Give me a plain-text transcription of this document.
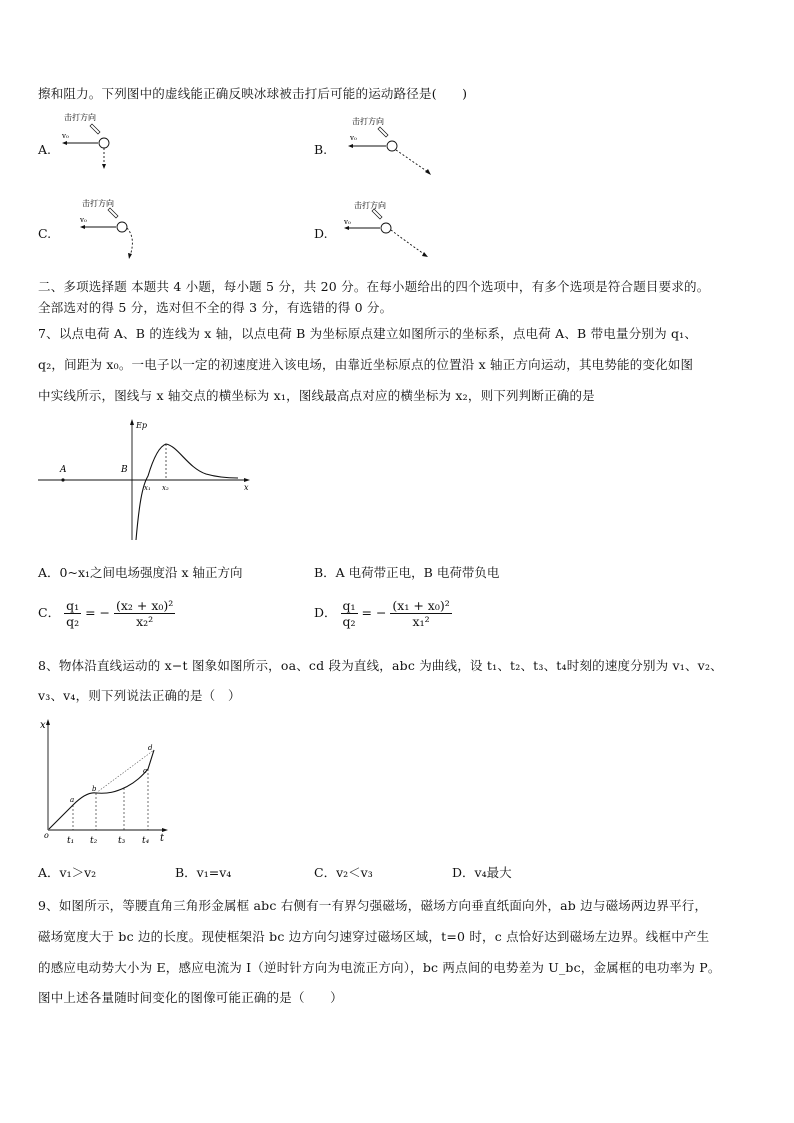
擦和阻力。下列图中的虚线能正确反映冰球被击打后可能的运动路径是(　　)
A.
击打方向
v₀
B.
击打方向
v₀
C.
击打方向
v₀
D.
击打方向
v₀
二、多项选择题 本题共 4 小题，每小题 5 分，共 20 分。在每小题给出的四个选项中，有多个选项是符合题目要求的。
全部选对的得 5 分，选对但不全的得 3 分，有选错的得 0 分。
7、以点电荷 A、B 的连线为 x 轴，以点电荷 B 为坐标原点建立如图所示的坐标系，点电荷 A、B 带电量分别为 q₁、
q₂，间距为 x₀。一电子以一定的初速度进入该电场，由靠近坐标原点的位置沿 x 轴正方向运动，其电势能的变化如图
中实线所示，图线与 x 轴交点的横坐标为 x₁，图线最高点对应的横坐标为 x₂，则下列判断正确的是
Ep
x
A	B
x₁ x₂
A．0~x₁之间电场强度沿 x 轴正方向	B．A 电荷带正电，B 电荷带负电
C． $\frac{\text{q₁}}{\text{q₂}}$ = − $\frac{\text{(x₂ + x₀)²}}{\text{x₂²}}$	D． $\frac{\text{q₁}}{\text{q₂}}$ = − $\frac{\text{(x₁ + x₀)²}}{\text{x₁²}}$
8、物体沿直线运动的 x−t 图象如图所示，oa、cd 段为直线，abc 为曲线，设 t₁、t₂、t₃、t₄时刻的速度分别为 v₁、v₂、
v₃、v₄，则下列说法正确的是（　）
x
t
o
a
b
c
d
t₁ t₂ t₃ t₄
A．v₁＞v₂	B．v₁=v₄	C．v₂＜v₃	D．v₄最大
9、如图所示，等腰直角三角形金属框 abc 右侧有一有界匀强磁场，磁场方向垂直纸面向外，ab 边与磁场两边界平行，
磁场宽度大于 bc 边的长度。现使框架沿 bc 边方向匀速穿过磁场区域，t=0 时，c 点恰好达到磁场左边界。线框中产生
的感应电动势大小为 E，感应电流为 I（逆时针方向为电流正方向），bc 两点间的电势差为 U_bc，金属框的电功率为 P。
图中上述各量随时间变化的图像可能正确的是（　　）
